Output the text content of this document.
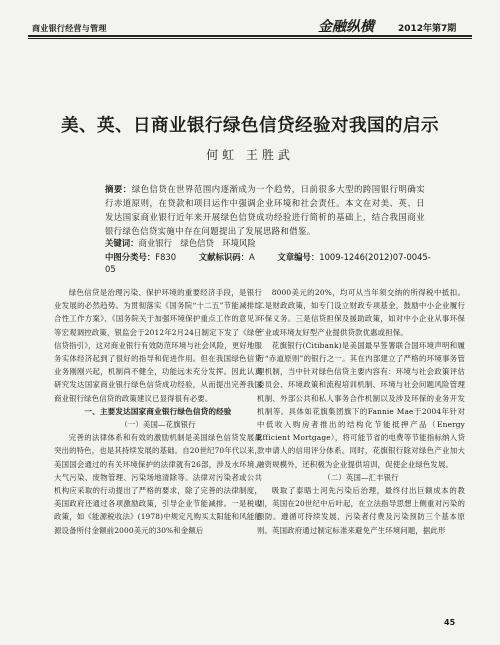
商业银行经营与管理	金融纵横	2012年第7期
美、英、日商业银行绿色信贷经验对我国的启示
何虹 王胜武
摘要：绿色信贷在世界范围内逐渐成为一个趋势，日前很多大型的跨国银行明确实行赤道原则，在贷款和项目运作中强调企业环境和社会责任。本文在对美、英、日发达国家商业银行近年来开展绿色信贷成功经验进行简析的基础上，结合我国商业银行绿色信贷实施中存在问题提出了发展思路和借鉴。
关键词：商业银行　绿色信贷　环境风险
中图分类号：F830	文献标识码：A	文章编号：1009-1246(2012)07-0045-05

绿色信贷是治理污染、保护环境的重要经济手段，是银行业发展的必然趋势。为贯彻落实《国务院“十二五”节能减排综合性工作方案》、《国务院关于加强环境保护重点工作的意见》等宏观调控政策，银监会于2012年2月24日制定下发了《绿色信贷指引》，这对商业银行有效防范环境与社会风险，更好地服务实体经济起到了很好的指导和促进作用。但在我国绿色信贷业务刚刚兴起，机制尚不健全，功能远未充分发挥。因此认真研究发达国家商业银行绿色信贷成功经验，从而提出完善我国商业银行绿色信贷的政策建议已显得很有必要。

一、主要发达国家商业银行绿色信贷的经验

（一）美国—花旗银行

完善的法律体系和有效的激励机制是美国绿色信贷发展最突出的特色，也是其持续发展的基础。自20世纪70年代以来，美国国会通过的有关环境保护的法律就有26部，涉及水环境、大气污染、废物管理、污染场地清除等。法律对污染者或公共机构应采取的行动提出了严格的要求，除了完善的法律制度，美国政府还通过各项激励政策，引导企业节能减排。一是税收政策，如《能源税收法》(1978)中规定凡购买太阳能和风能能源设备所付金额前2000美元的30%和金额后

8000美元的20%，均可从当年须交纳的所得税中抵扣。二是财政政策，如专门设立财政专项基金，鼓励中小企业履行环保义务。三是信贷担保及援助政策，如对中小企业从事环保产业或环境友好型产业提供贷款优惠或担保。

花旗银行(Citibank)是美国最早签署联合国环境声明和履行“赤道原则”的银行之一。其在内部建立了严格的环境事务管理机制，当中针对绿色信贷主要内容有：环境与社会政策评估委员会、环境政策和流程培训机制、环境与社会问题风险管理机制、外部公共和私人事务合作机制以及涉及环保的业务开发机制等。具体如花旗集团旗下的Fannie Mae于2004年针对中低收入购房者推出的结构化节能抵押产品（Energy Efficient Mortgage），将可能节省的电费等节能指标纳入贷款申请人的信用评分体系。同时，花旗银行除对绿色产业加大融资规模外，还积极为企业提供培训，促使企业绿色发展。

（二）英国—汇丰银行

吸取了泰晤士河先污染后治理，最终付出巨额成本的教训，英国在20世纪中后叶起，在立法指导思想上侧重对污染的预防。遵循可持续发展、污染者付费及污染预防三个基本原则。英国政府通过制定标准来避免产生环境问题，据此形

45
